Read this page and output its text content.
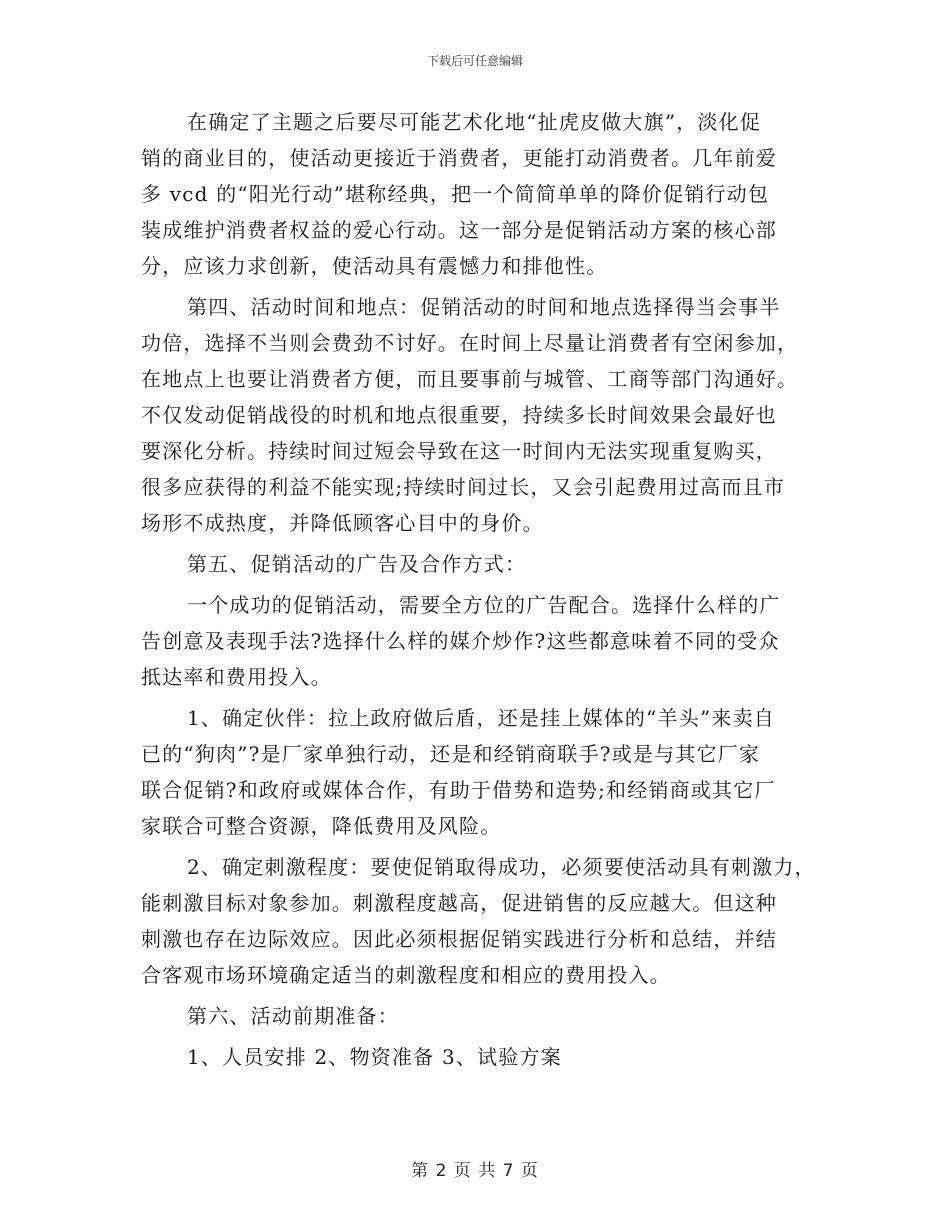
下载后可任意编辑
在确定了主题之后要尽可能艺术化地“扯虎皮做大旗”，淡化促
销的商业目的，使活动更接近于消费者，更能打动消费者。几年前爱
多 vcd 的“阳光行动”堪称经典，把一个简简单单的降价促销行动包
装成维护消费者权益的爱心行动。这一部分是促销活动方案的核心部
分，应该力求创新，使活动具有震憾力和排他性。
第四、活动时间和地点：促销活动的时间和地点选择得当会事半
功倍，选择不当则会费劲不讨好。在时间上尽量让消费者有空闲参加，
在地点上也要让消费者方便，而且要事前与城管、工商等部门沟通好。
不仅发动促销战役的时机和地点很重要，持续多长时间效果会最好也
要深化分析。持续时间过短会导致在这一时间内无法实现重复购买，
很多应获得的利益不能实现;持续时间过长，又会引起费用过高而且市
场形不成热度，并降低顾客心目中的身价。
第五、促销活动的广告及合作方式：
一个成功的促销活动，需要全方位的广告配合。选择什么样的广
告创意及表现手法?选择什么样的媒介炒作?这些都意味着不同的受众
抵达率和费用投入。
1、确定伙伴：拉上政府做后盾，还是挂上媒体的“羊头”来卖自
已的“狗肉”?是厂家单独行动，还是和经销商联手?或是与其它厂家
联合促销?和政府或媒体合作，有助于借势和造势;和经销商或其它厂
家联合可整合资源，降低费用及风险。
2、确定刺激程度：要使促销取得成功，必须要使活动具有刺激力，
能刺激目标对象参加。刺激程度越高，促进销售的反应越大。但这种
刺激也存在边际效应。因此必须根据促销实践进行分析和总结，并结
合客观市场环境确定适当的刺激程度和相应的费用投入。
第六、活动前期准备：
1、人员安排 2、物资准备 3、试验方案
第 2 页 共 7 页
